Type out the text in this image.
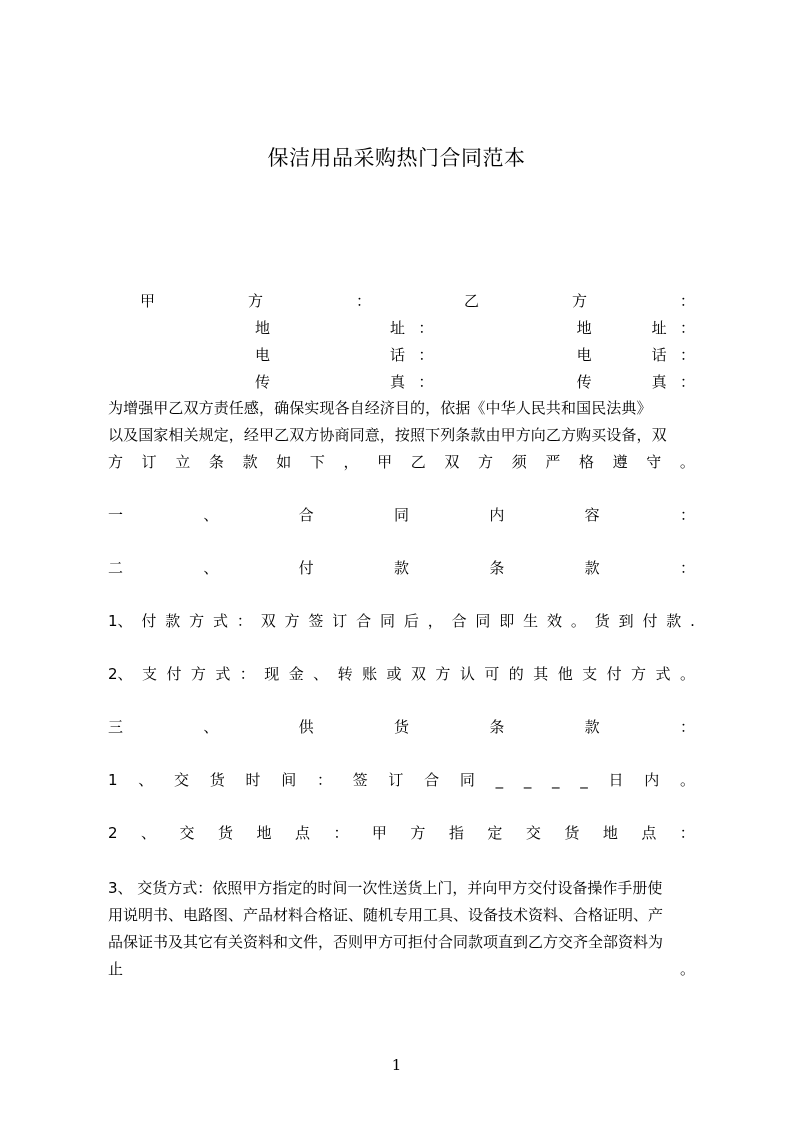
保洁用品采购热门合同范本
甲	方	：	乙	方	：
地	址 ：	地	址 ：
电	话 ：	电	话 ：
传	真 ：	传	真 ：
为增强甲乙双方责任感，确保实现各自经济目的，依据《中华人民共和国民法典》
以及国家相关规定，经甲乙双方协商同意，按照下列条款由甲方向乙方购买设备，双
方 订 立 条 款 如 下 ， 甲 乙 双 方 须 严 格 遵 守 。
一	、	合	同	内	容	：
二	、	付	款	条	款	：
1、 付 款 方 式 ： 双 方 签 订 合 同 后 ， 合 同 即 生 效 。 货 到 付 款 .
2、 支 付 方 式 ： 现 金 、 转 账 或 双 方 认 可 的 其 他 支 付 方 式 。
三	、	供	货	条	款	：
1 、 交 货 时 间 ： 签 订 合 同 _ _ _ _ 日 内 。
2 、 交 货 地 点 ： 甲 方 指 定 交 货 地 点 ：
3、 交货方式：依照甲方指定的时间一次性送货上门，并向甲方交付设备操作手册使
用说明书、电路图、产品材料合格证、随机专用工具、设备技术资料、合格证明、产
品保证书及其它有关资料和文件，否则甲方可拒付合同款项直到乙方交齐全部资料为
止	。
1
